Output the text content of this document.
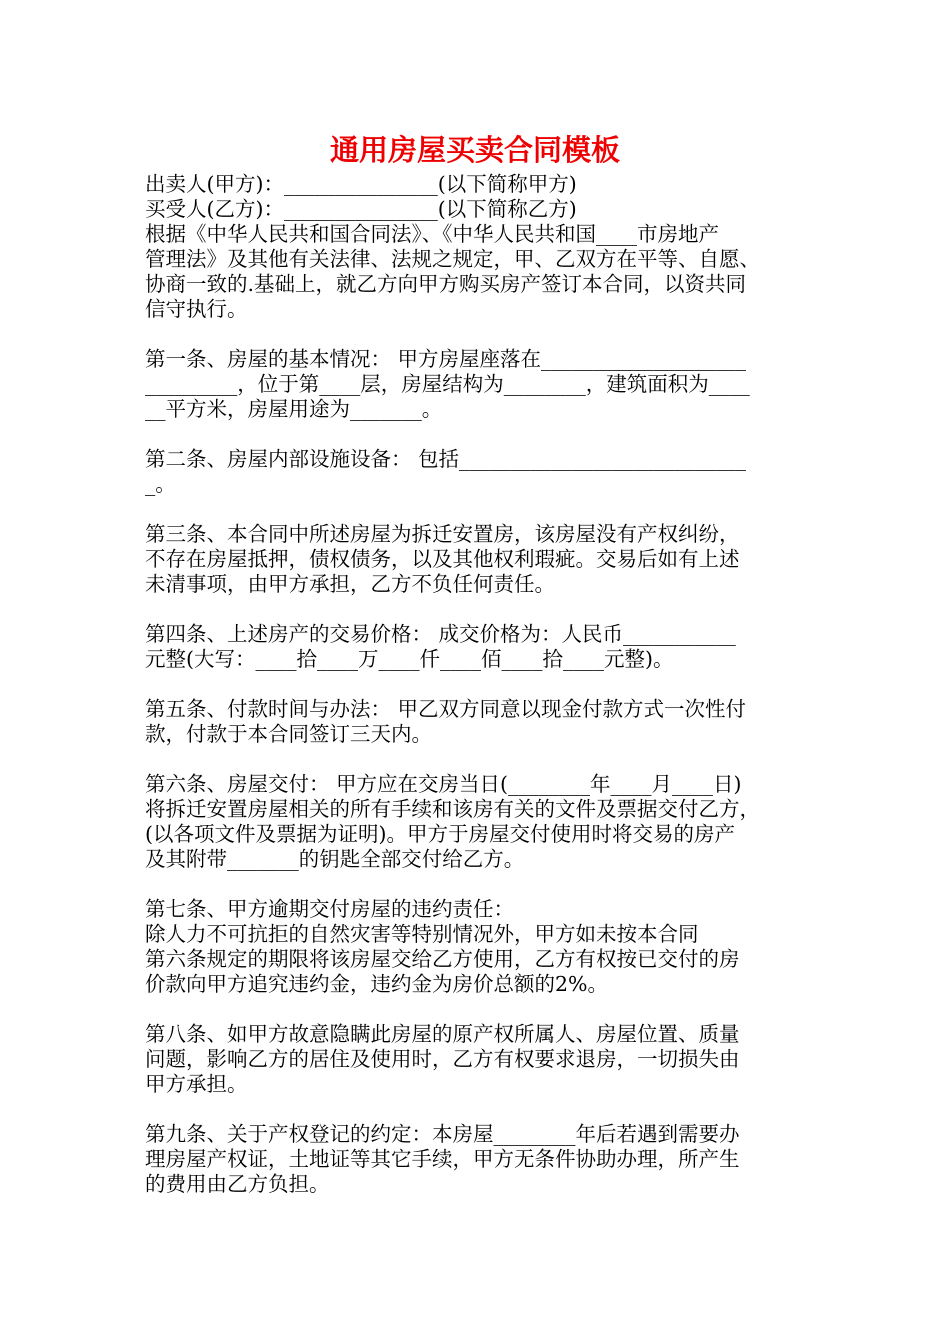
通用房屋买卖合同模板
出卖人(甲方)：_______________(以下简称甲方)
买受人(乙方)：_______________(以下简称乙方)
根据《中华人民共和国合同法》、《中华人民共和国____市房地产
管理法》及其他有关法律、法规之规定，甲、乙双方在平等、自愿、
协商一致的.基础上，就乙方向甲方购买房产签订本合同，以资共同
信守执行。
第一条、房屋的基本情况： 甲方房屋座落在____________________
_________，位于第____层，房屋结构为________，建筑面积为____
__平方米，房屋用途为_______。
第二条、房屋内部设施设备： 包括____________________________
_。
第三条、本合同中所述房屋为拆迁安置房，该房屋没有产权纠纷，
不存在房屋抵押，债权债务，以及其他权利瑕疵。交易后如有上述
未清事项，由甲方承担，乙方不负任何责任。
第四条、上述房产的交易价格： 成交价格为：人民币___________
元整(大写：____拾____万____仟____佰____拾____元整)。
第五条、付款时间与办法： 甲乙双方同意以现金付款方式一次性付
款，付款于本合同签订三天内。
第六条、房屋交付： 甲方应在交房当日(________年____月____日)
将拆迁安置房屋相关的所有手续和该房有关的文件及票据交付乙方，
(以各项文件及票据为证明)。甲方于房屋交付使用时将交易的房产
及其附带_______的钥匙全部交付给乙方。
第七条、甲方逾期交付房屋的违约责任：
除人力不可抗拒的自然灾害等特别情况外，甲方如未按本合同
第六条规定的期限将该房屋交给乙方使用，乙方有权按已交付的房
价款向甲方追究违约金，违约金为房价总额的2%。
第八条、如甲方故意隐瞒此房屋的原产权所属人、房屋位置、质量
问题，影响乙方的居住及使用时，乙方有权要求退房，一切损失由
甲方承担。
第九条、关于产权登记的约定：本房屋________年后若遇到需要办
理房屋产权证，土地证等其它手续，甲方无条件协助办理，所产生
的费用由乙方负担。
